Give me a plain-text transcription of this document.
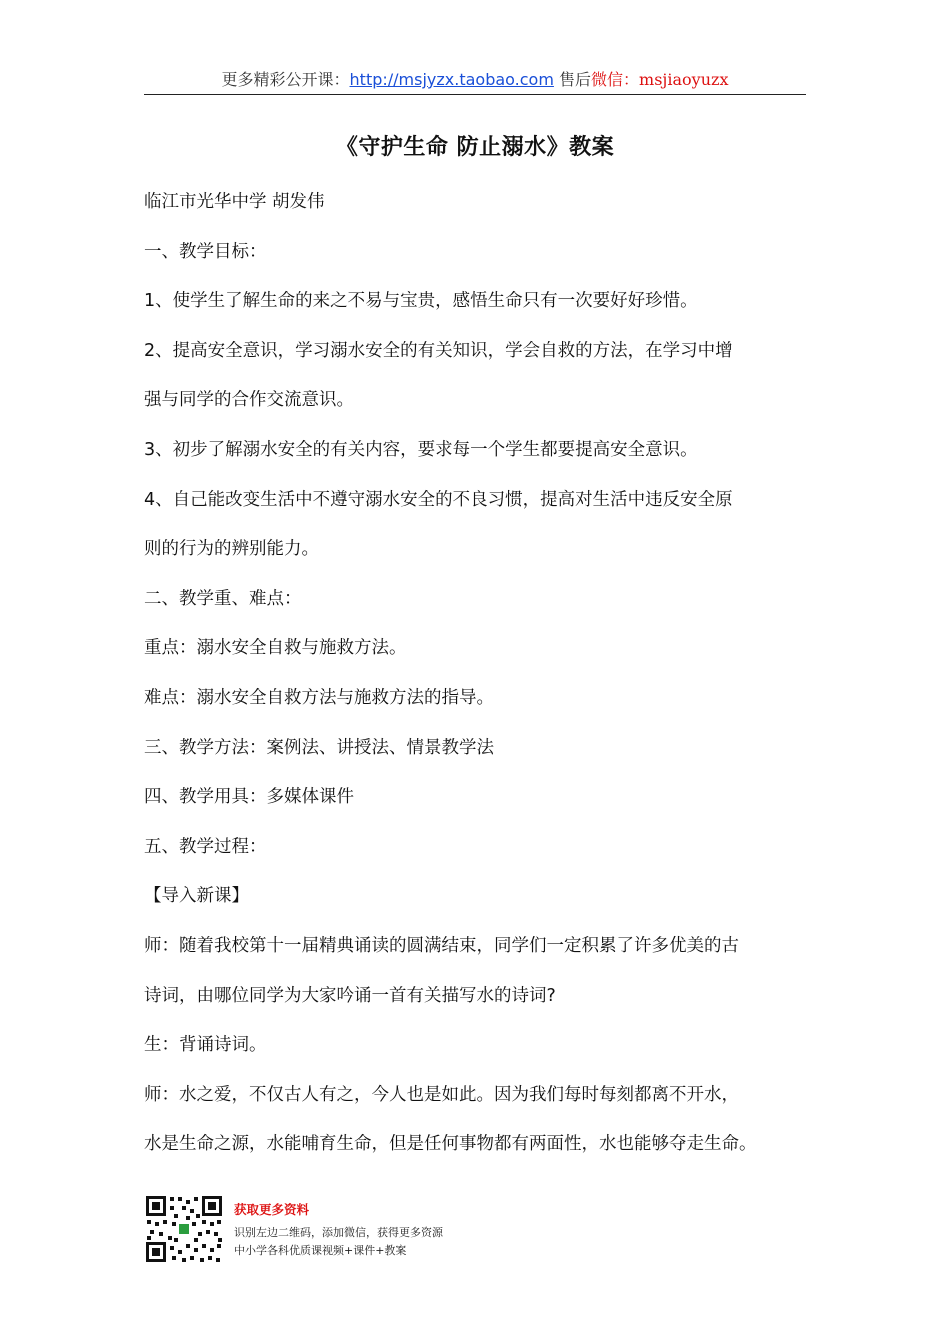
更多精彩公开课：http://msjyzx.taobao.com 售后微信：msjiaoyuzx
《守护生命 防止溺水》教案

临江市光华中学 胡发伟

一、教学目标：

1、使学生了解生命的来之不易与宝贵，感悟生命只有一次要好好珍惜。

2、提高安全意识，学习溺水安全的有关知识，学会自救的方法，在学习中增

强与同学的合作交流意识。

3、初步了解溺水安全的有关内容，要求每一个学生都要提高安全意识。

4、自己能改变生活中不遵守溺水安全的不良习惯，提高对生活中违反安全原

则的行为的辨别能力。

二、教学重、难点：

重点：溺水安全自救与施救方法。

难点：溺水安全自救方法与施救方法的指导。

三、教学方法：案例法、讲授法、情景教学法

四、教学用具：多媒体课件

五、教学过程：

【导入新课】

师：随着我校第十一届精典诵读的圆满结束，同学们一定积累了许多优美的古

诗词，由哪位同学为大家吟诵一首有关描写水的诗词?

生：背诵诗词。

师：水之爱，不仅古人有之，今人也是如此。因为我们每时每刻都离不开水，

水是生命之源，水能哺育生命，但是任何事物都有两面性，水也能够夺走生命。

获取更多资料
识别左边二维码，添加微信，获得更多资源
中小学各科优质课视频+课件+教案
